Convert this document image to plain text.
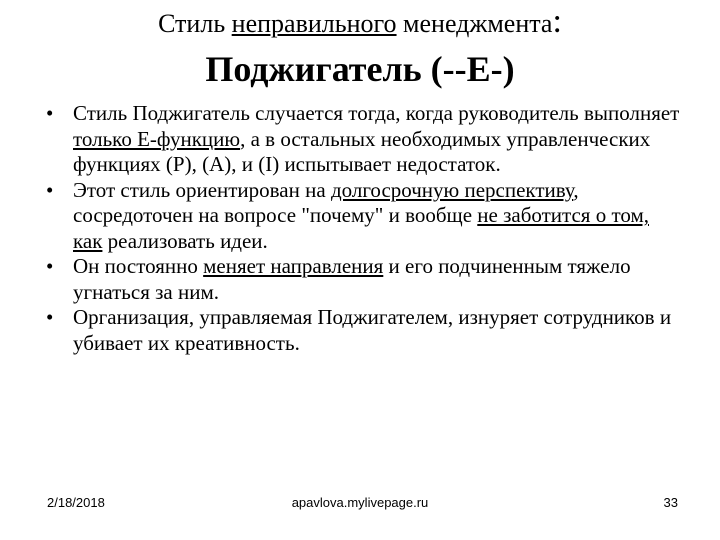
Стиль неправильного менеджмента:
Поджигатель (--E-)
• Стиль Поджигатель случается тогда, когда руководитель выполняет только E-функцию, а в остальных необходимых управленческих функциях (P), (A), и (I) испытывает недостаток.
• Этот стиль ориентирован на долгосрочную перспективу, сосредоточен на вопросе "почему" и вообще не заботится о том, как реализовать идеи.
• Он постоянно меняет направления и его подчиненным тяжело угнаться за ним.
• Организация, управляемая Поджигателем, изнуряет сотрудников и убивает их креативность.
2/18/2018	apavlova.mylivepage.ru	33
